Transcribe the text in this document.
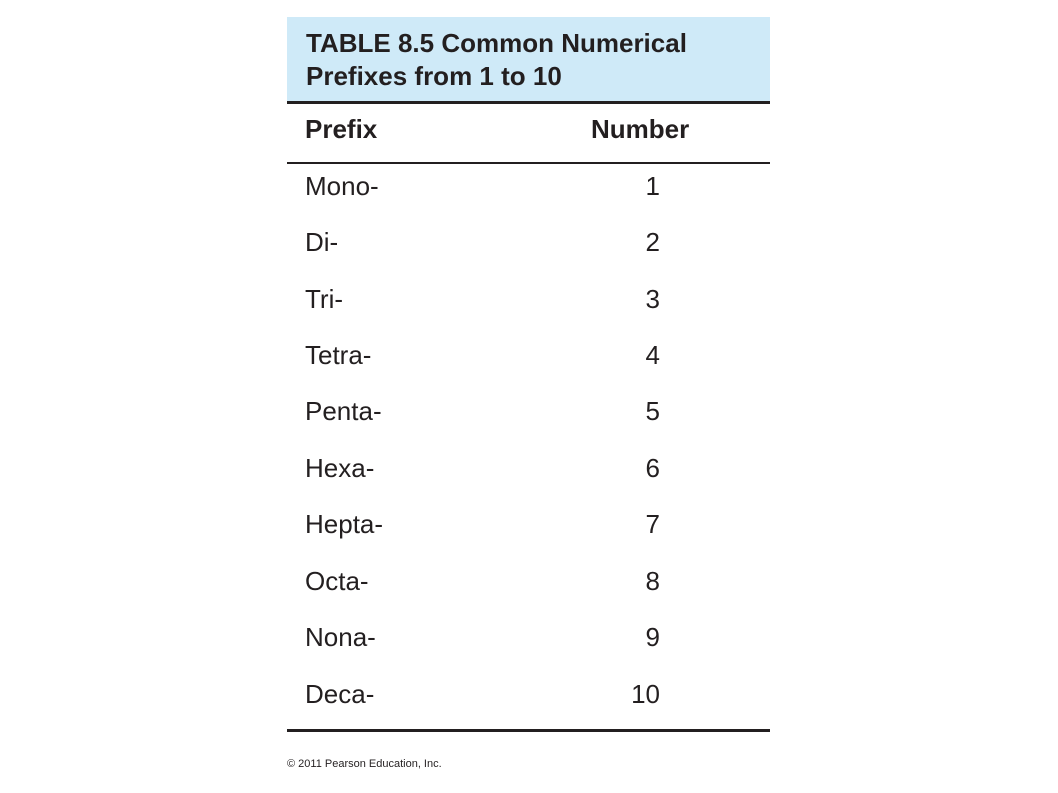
TABLE 8.5 Common Numerical
Prefixes from 1 to 10
Prefix	Number
Mono-	1
Di-	2
Tri-	3
Tetra-	4
Penta-	5
Hexa-	6
Hepta-	7
Octa-	8
Nona-	9
Deca-	10
© 2011 Pearson Education, Inc.
